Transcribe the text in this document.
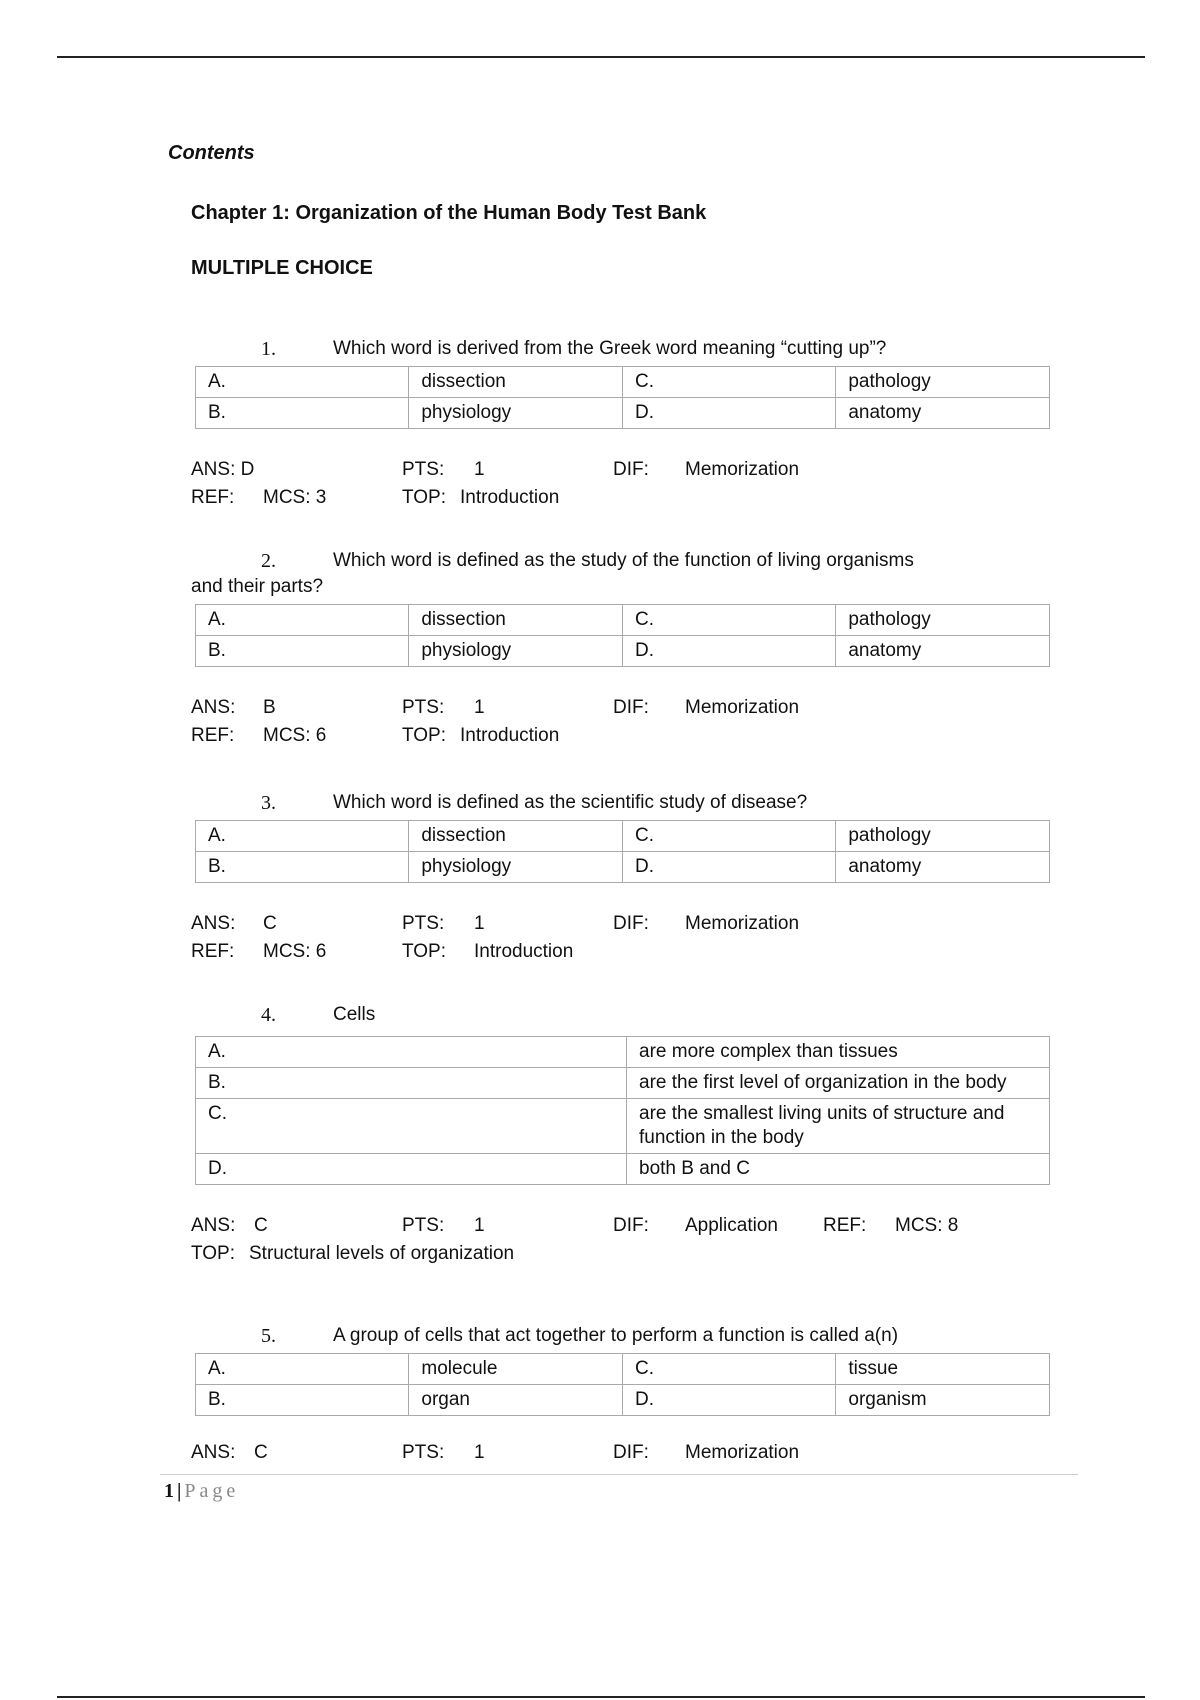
Contents
Chapter 1: Organization of the Human Body Test Bank
MULTIPLE CHOICE
1.	Which word is derived from the Greek word meaning “cutting up”?
A.	dissection	C.	pathology
B.	physiology	D.	anatomy
ANS: D	PTS: 1	DIF: Memorization
REF: MCS: 3	TOP: Introduction
2.	Which word is defined as the study of the function of living organisms
and their parts?
A.	dissection	C.	pathology
B.	physiology	D.	anatomy
ANS: B	PTS: 1	DIF: Memorization
REF: MCS: 6	TOP: Introduction
3.	Which word is defined as the scientific study of disease?
A.	dissection	C.	pathology
B.	physiology	D.	anatomy
ANS: C	PTS: 1	DIF: Memorization
REF: MCS: 6	TOP: Introduction
4.	Cells
A.	are more complex than tissues
B.	are the first level of organization in the body
C.	are the smallest living units of structure and function in the body
D.	both B and C
ANS: C	PTS: 1	DIF: Application REF: MCS: 8
TOP: Structural levels of organization
5.	A group of cells that act together to perform a function is called a(n)
A.	molecule	C.	tissue
B.	organ	D.	organism
ANS: C	PTS: 1	DIF: Memorization
1 | Page
